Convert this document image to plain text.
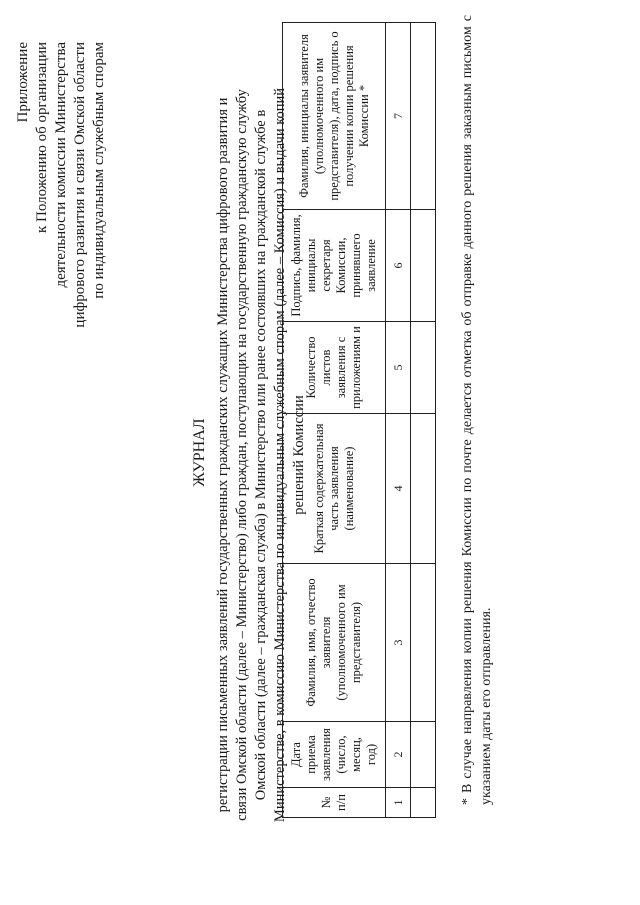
Приложение к Положению об организации деятельности комиссии Министерства цифрового развития и связи Омской области по индивидуальным служебным спорам
ЖУРНАЛ регистрации письменных заявлений государственных гражданских служащих Министерства цифрового развития и связи Омской области (далее – Министерство) либо граждан, поступающих на государственную гражданскую службу Омской области (далее – гражданская служба) в Министерство или ранее состоявших на гражданской службе в Министерстве, в комиссию Министерства по индивидуальным служебным спорам (далее – Комиссия) и выдачи копий решений Комиссии
№ п/п	Дата приема заявления (число, месяц, год)	Фамилия, имя, отчество заявителя (уполномоченного им представителя)	Краткая содержательная часть заявления (наименование)	Количество листов заявления с приложениям и	Подпись, фамилия, инициалы секретаря Комиссии, принявшего заявление	Фамилия, инициалы заявителя (уполномоченного им представителя), дата, подпись о получении копии решения Комиссии *
1	2	3	4	5	6	7
							* В случае направления копии решения Комиссии по почте делается отметка об отправке данного решения заказным письмом с указанием даты его отправления.
